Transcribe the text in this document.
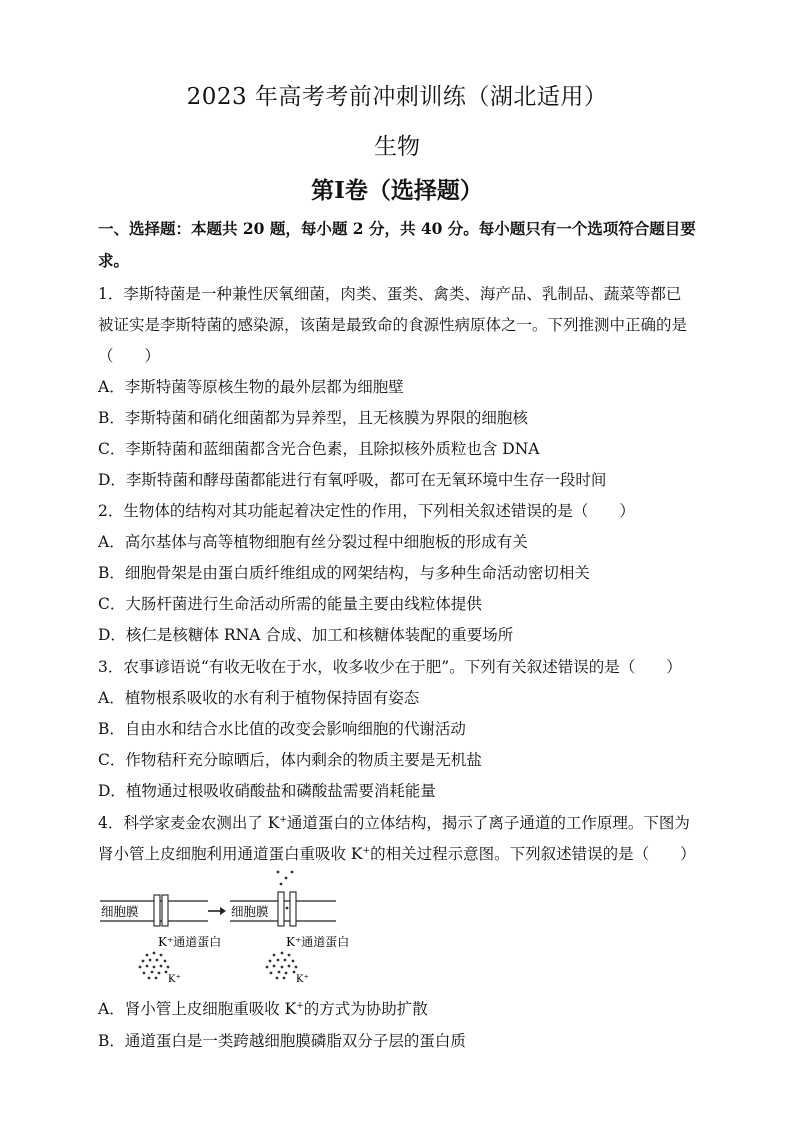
2023 年高考考前冲刺训练（湖北适用）
生物
第Ⅰ卷（选择题）
一、选择题：本题共 20 题，每小题 2 分，共 40 分。每小题只有一个选项符合题目要
求。
1．李斯特菌是一种兼性厌氧细菌，肉类、蛋类、禽类、海产品、乳制品、蔬菜等都已
被证实是李斯特菌的感染源，该菌是最致命的食源性病原体之一。下列推测中正确的是
（　　）
A．李斯特菌等原核生物的最外层都为细胞壁
B．李斯特菌和硝化细菌都为异养型，且无核膜为界限的细胞核
C．李斯特菌和蓝细菌都含光合色素，且除拟核外质粒也含 DNA
D．李斯特菌和酵母菌都能进行有氧呼吸，都可在无氧环境中生存一段时间
2．生物体的结构对其功能起着决定性的作用，下列相关叙述错误的是（　　）
A．高尔基体与高等植物细胞有丝分裂过程中细胞板的形成有关
B．细胞骨架是由蛋白质纤维组成的网架结构，与多种生命活动密切相关
C．大肠杆菌进行生命活动所需的能量主要由线粒体提供
D．核仁是核糖体 RNA 合成、加工和核糖体装配的重要场所
3．农事谚语说“有收无收在于水，收多收少在于肥”。下列有关叙述错误的是（　　）
A．植物根系吸收的水有利于植物保持固有姿态
B．自由水和结合水比值的改变会影响细胞的代谢活动
C．作物秸秆充分晾晒后，体内剩余的物质主要是无机盐
D．植物通过根吸收硝酸盐和磷酸盐需要消耗能量
4．科学家麦金农测出了 K+通道蛋白的立体结构，揭示了离子通道的工作原理。下图为
肾小管上皮细胞利用通道蛋白重吸收 K+的相关过程示意图。下列叙述错误的是（　　）
细胞膜
K⁺通道蛋白
K⁺
细胞膜
K⁺通道蛋白
K⁺
A．肾小管上皮细胞重吸收 K+的方式为协助扩散
B．通道蛋白是一类跨越细胞膜磷脂双分子层的蛋白质
